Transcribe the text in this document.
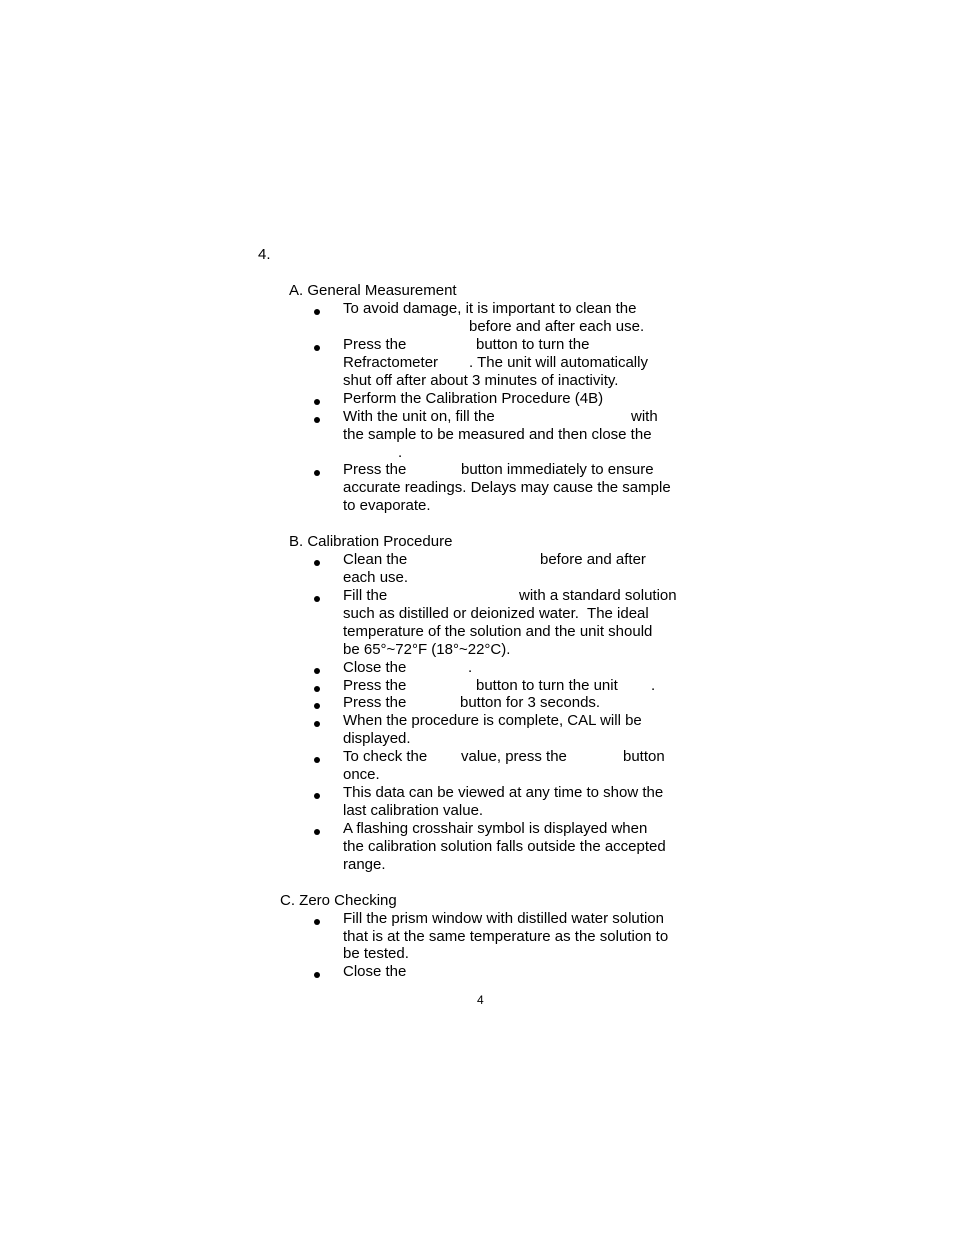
4.
A. General Measurement
To avoid damage, it is important to clean the
before and after each use.
Press the	button to turn the
Refractometer . The unit will automatically
shut off after about 3 minutes of inactivity.
Perform the Calibration Procedure (4B)
With the unit on, fill the	with
the sample to be measured and then close the
.
Press the	button immediately to ensure
accurate readings. Delays may cause the sample
to evaporate.
B. Calibration Procedure
Clean the	before and after
each use.
Fill the	with a standard solution
such as distilled or deionized water.  The ideal
temperature of the solution and the unit should
be 65°~72°F (18°~22°C).
Close the	.
Press the	button to turn the unit .
Press the	button for 3 seconds.
When the procedure is complete, CAL will be
displayed.
To check the value, press the	button
once.
This data can be viewed at any time to show the
last calibration value.
A flashing crosshair symbol is displayed when
the calibration solution falls outside the accepted
range.
C. Zero Checking
Fill the prism window with distilled water solution
that is at the same temperature as the solution to
be tested.
Close the
4
